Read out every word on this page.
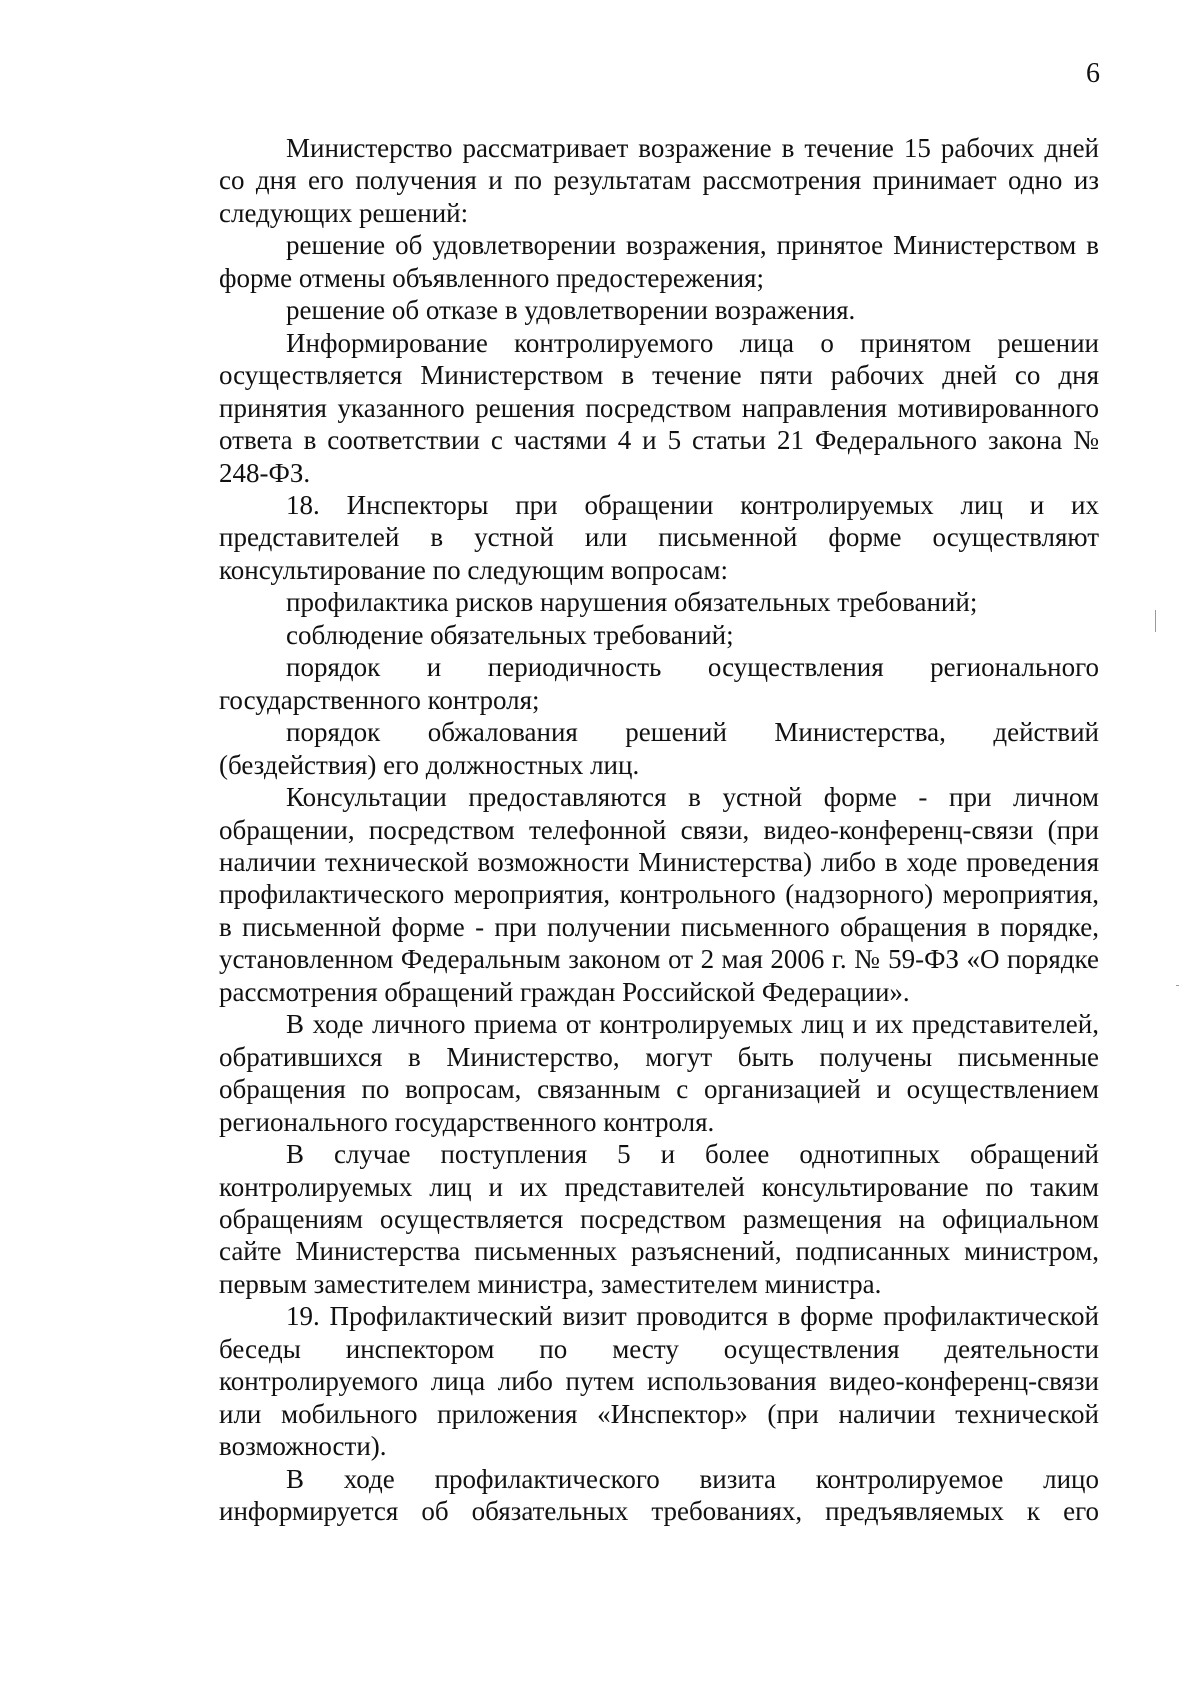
6

Министерство рассматривает возражение в течение 15 рабочих дней со дня его получения и по результатам рассмотрения принимает одно из следующих решений:

решение об удовлетворении возражения, принятое Министерством в форме отмены объявленного предостережения;

решение об отказе в удовлетворении возражения.

Информирование контролируемого лица о принятом решении осуществляется Министерством в течение пяти рабочих дней со дня принятия указанного решения посредством направления мотивированного ответа в соответствии с частями 4 и 5 статьи 21 Федерального закона № 248-ФЗ.

18. Инспекторы при обращении контролируемых лиц и их представителей в устной или письменной форме осуществляют консультирование по следующим вопросам:

профилактика рисков нарушения обязательных требований;

соблюдение обязательных требований;

порядок и периодичность осуществления регионального государственного контроля;

порядок обжалования решений Министерства, действий (бездействия) его должностных лиц.

Консультации предоставляются в устной форме - при личном обращении, посредством телефонной связи, видео-конференц-связи (при наличии технической возможности Министерства) либо в ходе проведения профилактического мероприятия, контрольного (надзорного) мероприятия, в письменной форме - при получении письменного обращения в порядке, установленном Федеральным законом от 2 мая 2006 г. № 59-ФЗ «О порядке рассмотрения обращений граждан Российской Федерации».

В ходе личного приема от контролируемых лиц и их представителей, обратившихся в Министерство, могут быть получены письменные обращения по вопросам, связанным с организацией и осуществлением регионального государственного контроля.

В случае поступления 5 и более однотипных обращений контролируемых лиц и их представителей консультирование по таким обращениям осуществляется посредством размещения на официальном сайте Министерства письменных разъяснений, подписанных министром, первым заместителем министра, заместителем министра.

19. Профилактический визит проводится в форме профилактической беседы инспектором по месту осуществления деятельности контролируемого лица либо путем использования видео-конференц-связи или мобильного приложения «Инспектор» (при наличии технической возможности).

В ходе профилактического визита контролируемое лицо информируется об обязательных требованиях, предъявляемых к его
